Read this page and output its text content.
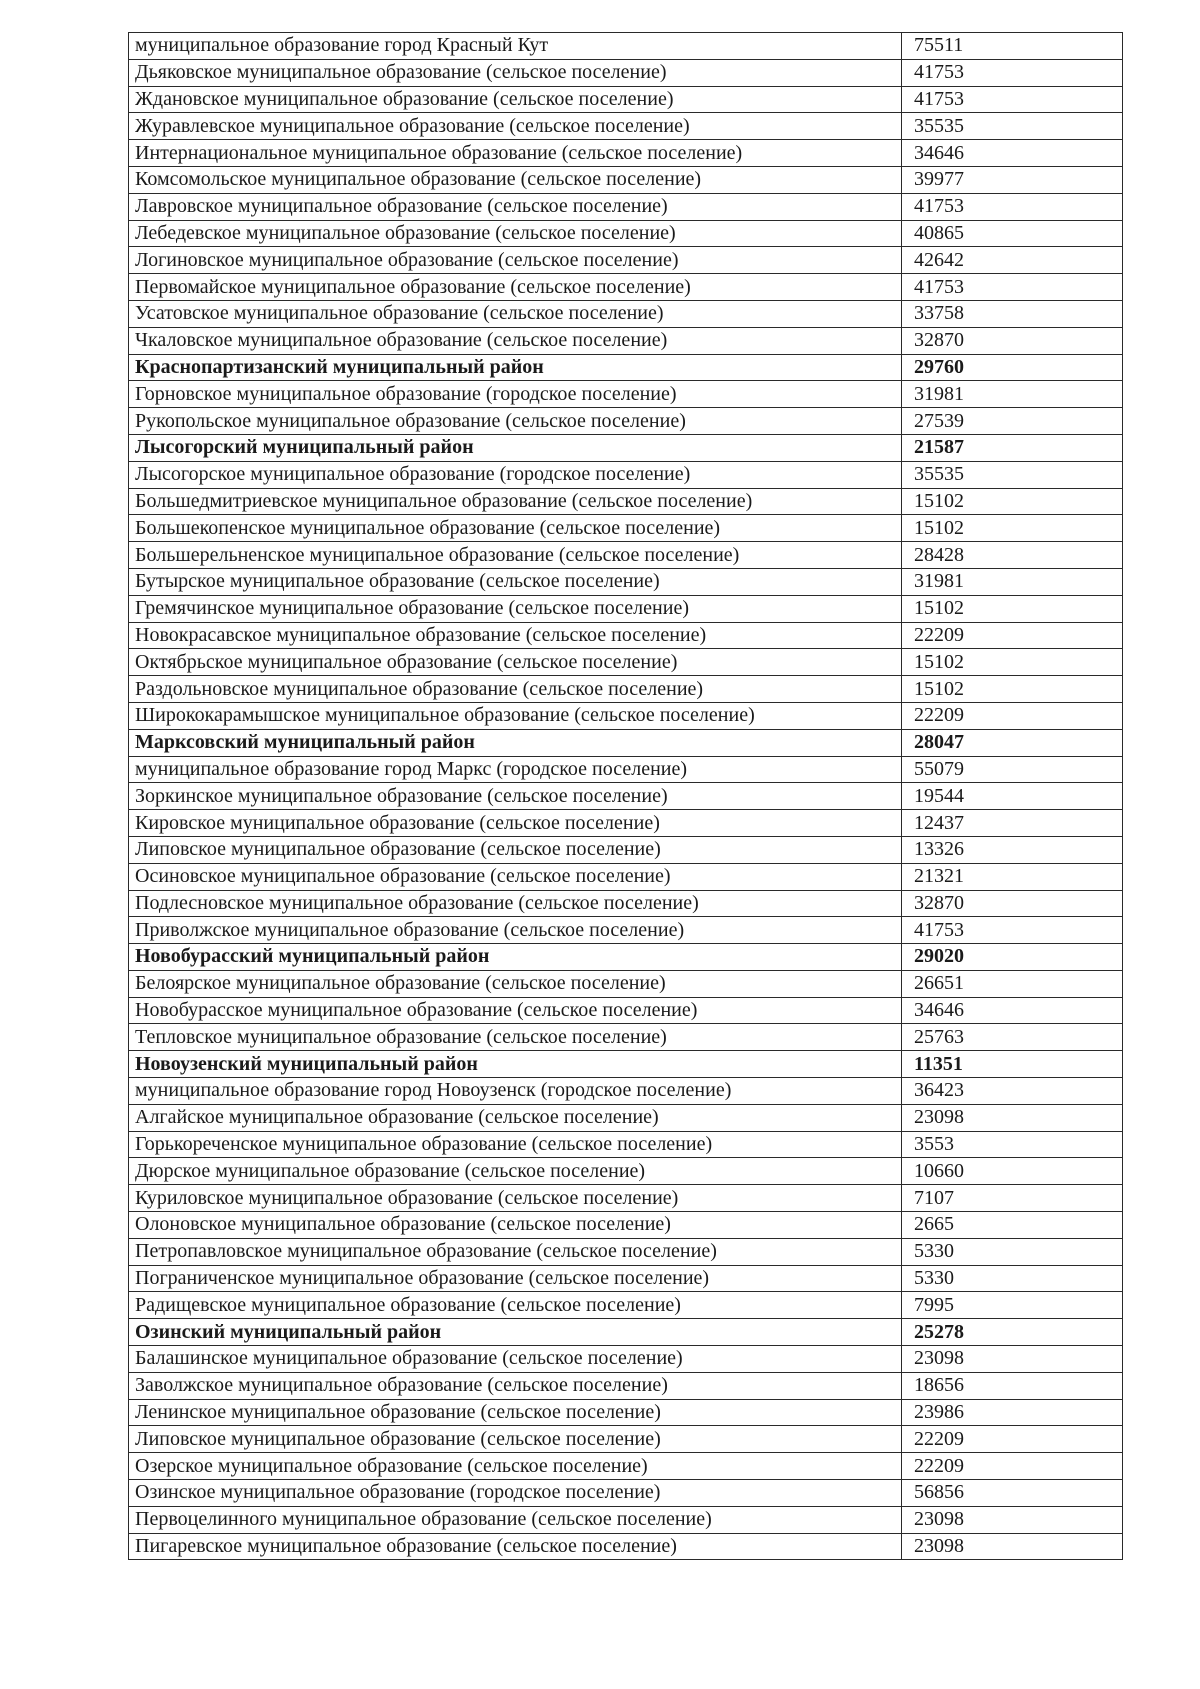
муниципальное образование город Красный Кут	75511
Дьяковское муниципальное образование (сельское поселение)	41753
Ждановское муниципальное образование (сельское поселение)	41753
Журавлевское муниципальное образование (сельское поселение)	35535
Интернациональное муниципальное образование (сельское поселение)	34646
Комсомольское муниципальное образование (сельское поселение)	39977
Лавровское муниципальное образование (сельское поселение)	41753
Лебедевское муниципальное образование (сельское поселение)	40865
Логиновское муниципальное образование (сельское поселение)	42642
Первомайское муниципальное образование (сельское поселение)	41753
Усатовское муниципальное образование (сельское поселение)	33758
Чкаловское муниципальное образование (сельское поселение)	32870
Краснопартизанский муниципальный район	29760
Горновское муниципальное образование (городское поселение)	31981
Рукопольское муниципальное образование (сельское поселение)	27539
Лысогорский муниципальный район	21587
Лысогорское муниципальное образование (городское поселение)	35535
Большедмитриевское муниципальное образование (сельское поселение)	15102
Большекопенское муниципальное образование (сельское поселение)	15102
Большерельненское муниципальное образование (сельское поселение)	28428
Бутырское муниципальное образование (сельское поселение)	31981
Гремячинское муниципальное образование (сельское поселение)	15102
Новокрасавское муниципальное образование (сельское поселение)	22209
Октябрьское муниципальное образование (сельское поселение)	15102
Раздольновское муниципальное образование (сельское поселение)	15102
Ширококарамышское муниципальное образование (сельское поселение)	22209
Марксовский муниципальный район	28047
муниципальное образование город Маркс (городское поселение)	55079
Зоркинское муниципальное образование (сельское поселение)	19544
Кировское муниципальное образование (сельское поселение)	12437
Липовское муниципальное образование (сельское поселение)	13326
Осиновское муниципальное образование (сельское поселение)	21321
Подлесновское муниципальное образование (сельское поселение)	32870
Приволжское муниципальное образование (сельское поселение)	41753
Новобурасский муниципальный район	29020
Белоярское муниципальное образование (сельское поселение)	26651
Новобурасское муниципальное образование (сельское поселение)	34646
Тепловское муниципальное образование (сельское поселение)	25763
Новоузенский муниципальный район	11351
муниципальное образование город Новоузенск (городское поселение)	36423
Алгайское муниципальное образование (сельское поселение)	23098
Горькореченское муниципальное образование (сельское поселение)	3553
Дюрское муниципальное образование (сельское поселение)	10660
Куриловское муниципальное образование (сельское поселение)	7107
Олоновское муниципальное образование (сельское поселение)	2665
Петропавловское муниципальное образование (сельское поселение)	5330
Пограниченское муниципальное образование (сельское поселение)	5330
Радищевское муниципальное образование (сельское поселение)	7995
Озинский муниципальный район	25278
Балашинское муниципальное образование (сельское поселение)	23098
Заволжское муниципальное образование (сельское поселение)	18656
Ленинское муниципальное образование (сельское поселение)	23986
Липовское муниципальное образование (сельское поселение)	22209
Озерское муниципальное образование (сельское поселение)	22209
Озинское муниципальное образование (городское поселение)	56856
Первоцелинного муниципальное образование (сельское поселение)	23098
Пигаревское муниципальное образование (сельское поселение)	23098
